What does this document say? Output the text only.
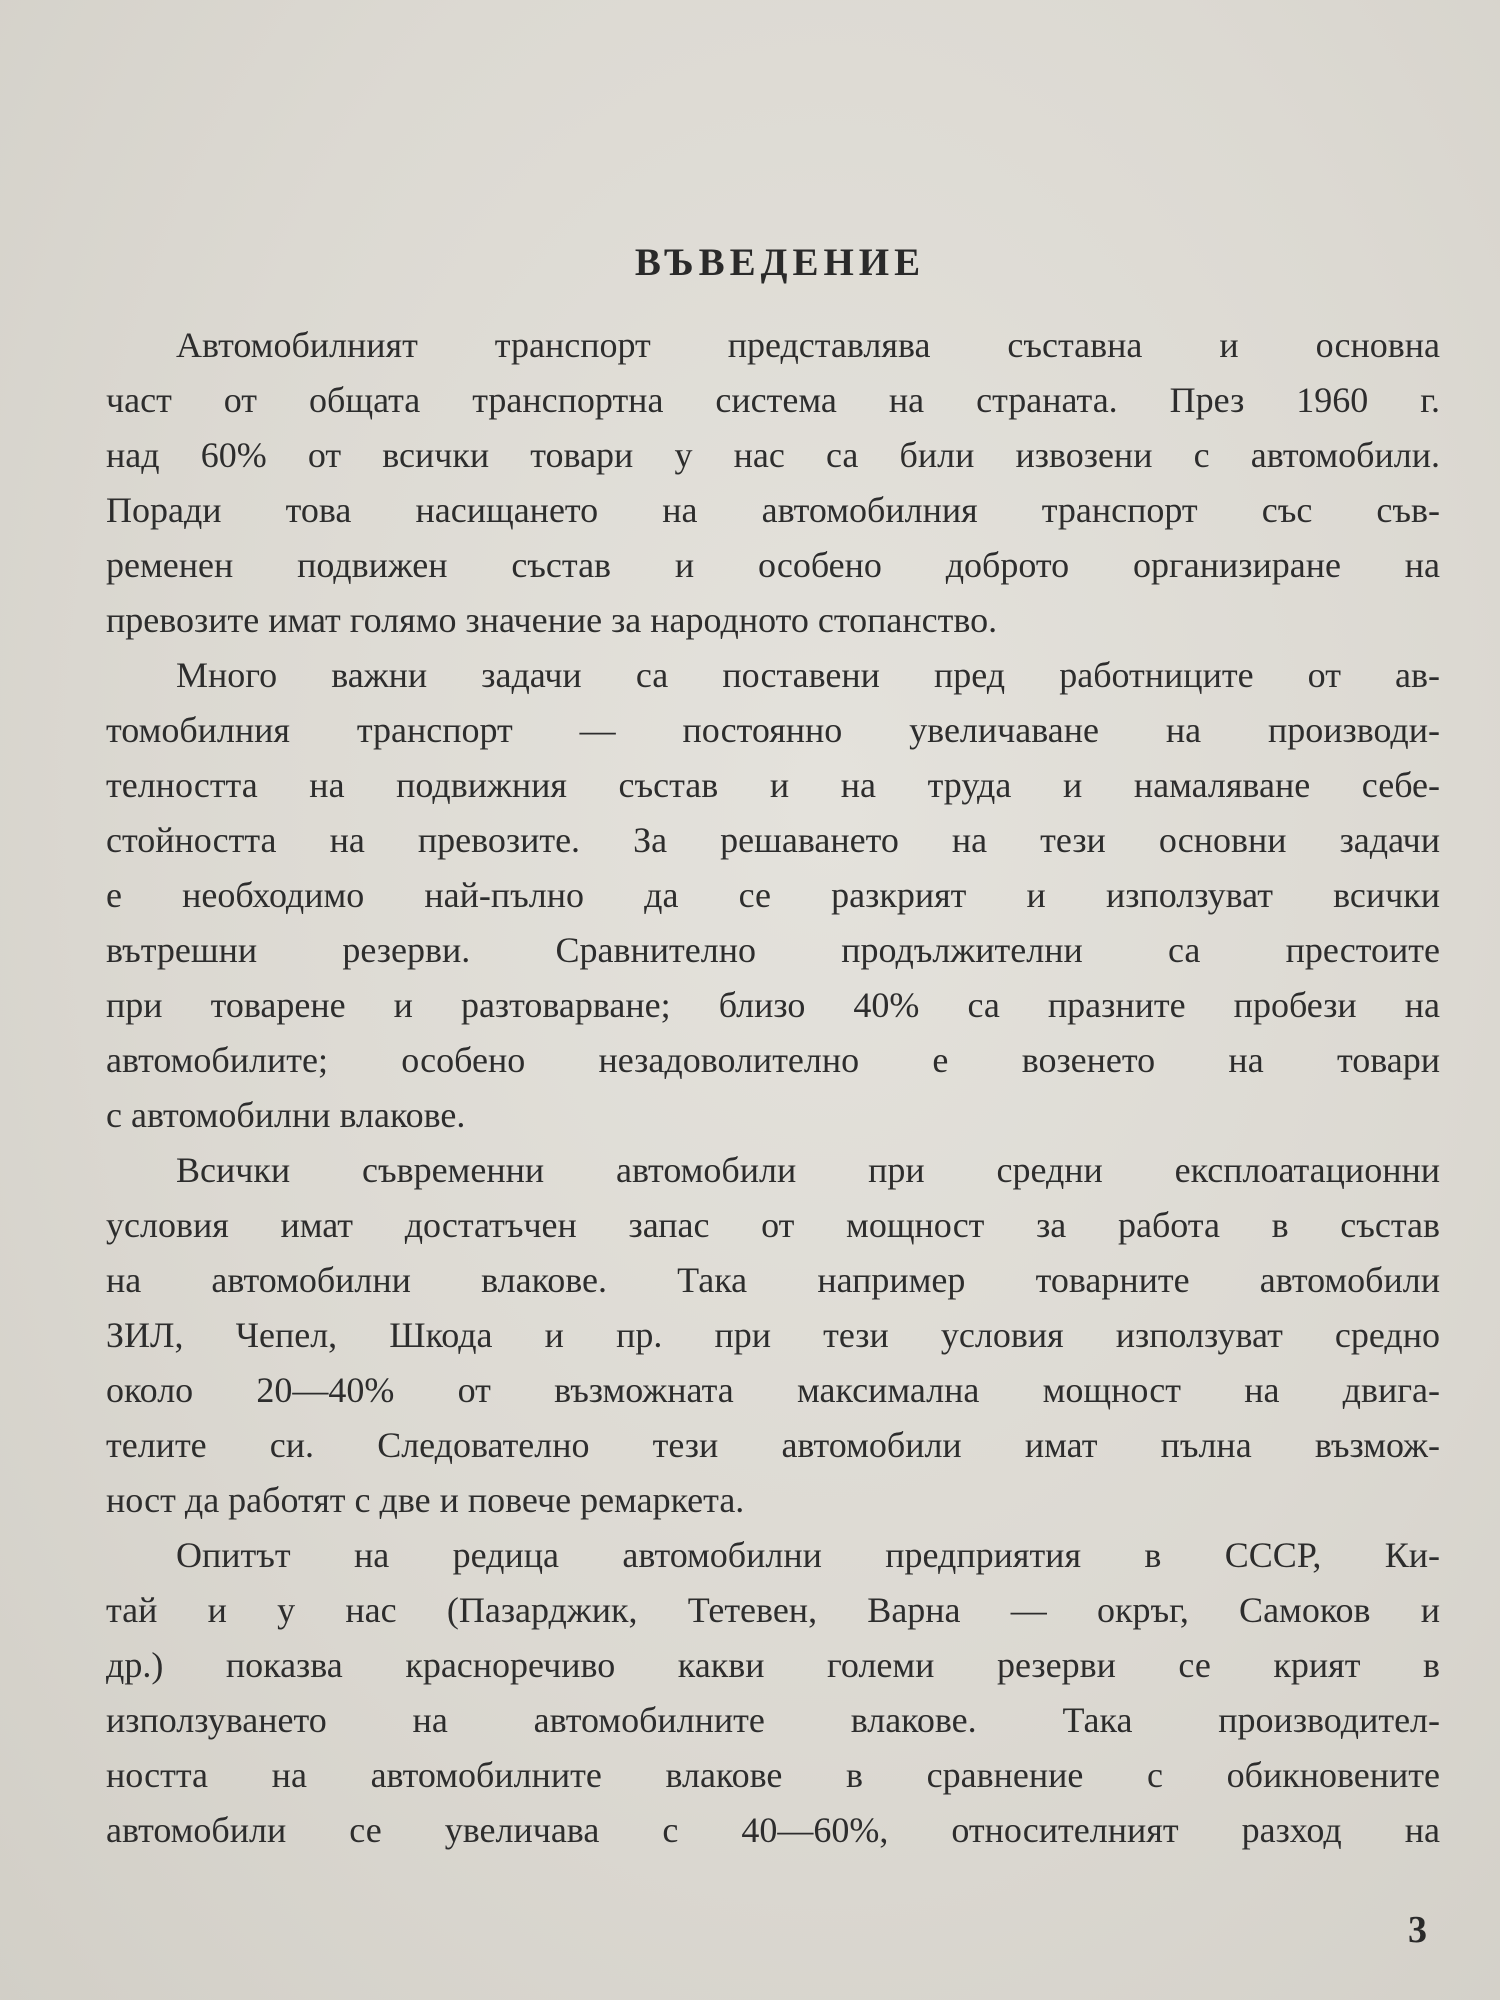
ВЪВЕДЕНИЕ
Автомобилният транспорт представлява съставна и основна
част от общата транспортна система на страната. През 1960 г.
над 60% от всички товари у нас са били извозени с автомобили.
Поради това насищането на автомобилния транспорт със съв-
ременен подвижен състав и особено доброто организиране на
превозите имат голямо значение за народното стопанство.
Много важни задачи са поставени пред работниците от ав-
томобилния транспорт — постоянно увеличаване на производи-
телността на подвижния състав и на труда и намаляване себе-
стойността на превозите. За решаването на тези основни задачи
е необходимо най-пълно да се разкрият и използуват всички
вътрешни резерви. Сравнително продължителни са престоите
при товарене и разтоварване; близо 40% са празните пробези на
автомобилите; особено незадоволително е возенето на товари
с автомобилни влакове.
Всички съвременни автомобили при средни експлоатационни
условия имат достатъчен запас от мощност за работа в състав
на автомобилни влакове. Така например товарните автомобили
ЗИЛ, Чепел, Шкода и пр. при тези условия използуват средно
около 20—40% от възможната максимална мощност на двига-
телите си. Следователно тези автомобили имат пълна възмож-
ност да работят с две и повече ремаркета.
Опитът на редица автомобилни предприятия в СССР, Ки-
тай и у нас (Пазарджик, Тетевен, Варна — окръг, Самоков и
др.) показва красноречиво какви големи резерви се крият в
използуването на автомобилните влакове. Така производител-
ността на автомобилните влакове в сравнение с обикновените
автомобили се увеличава с 40—60%, относителният разход на
3
